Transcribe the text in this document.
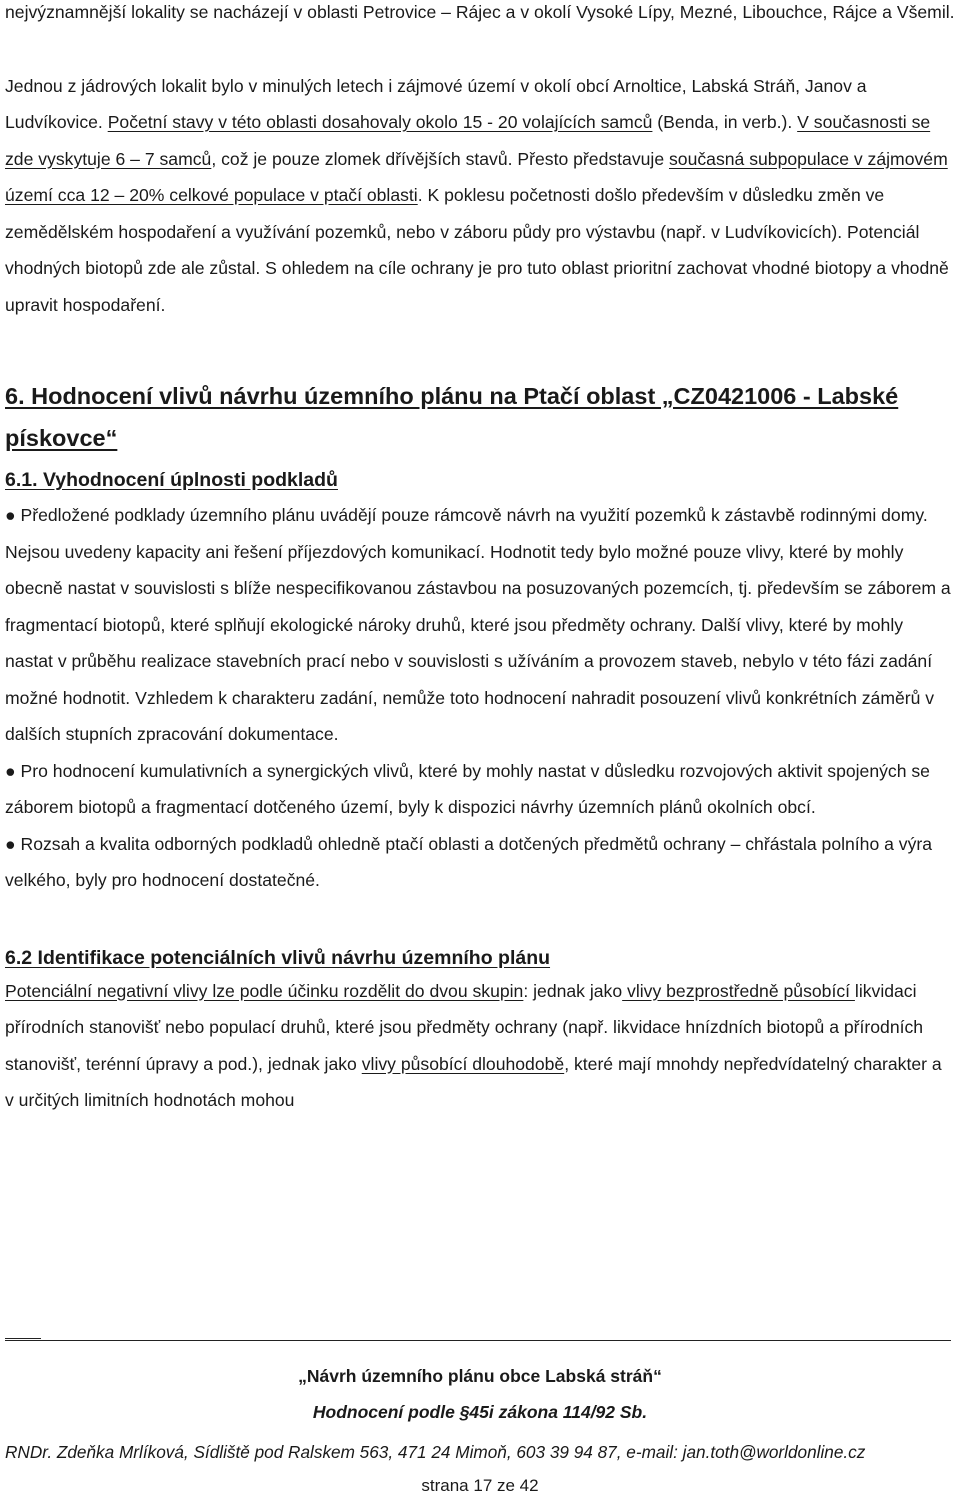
nejvýznamnější lokality se nacházejí v oblasti Petrovice – Rájec a v okolí Vysoké Lípy, Mezné, Libouchce, Rájce a Všemil.

Jednou z jádrových lokalit bylo v minulých letech i zájmové území v okolí obcí Arnoltice, Labská Stráň, Janov a Ludvíkovice. Početní stavy v této oblasti dosahovaly okolo 15 - 20 volajících samců (Benda, in verb.). V současnosti se zde vyskytuje 6 – 7 samců, což je pouze zlomek dřívějších stavů. Přesto představuje současná subpopulace v zájmovém území cca 12 – 20% celkové populace v ptačí oblasti. K poklesu početnosti došlo především v důsledku změn ve zemědělském hospodaření a využívání pozemků, nebo v záboru půdy pro výstavbu (např. v Ludvíkovicích). Potenciál vhodných biotopů zde ale zůstal. S ohledem na cíle ochrany je pro tuto oblast prioritní zachovat vhodné biotopy a vhodně upravit hospodaření.

6. Hodnocení vlivů návrhu územního plánu na Ptačí oblast „CZ0421006 - Labské pískovce“
6.1. Vyhodnocení úplnosti podkladů

● Předložené podklady územního plánu uvádějí pouze rámcově návrh na využití pozemků k zástavbě rodinnými domy. Nejsou uvedeny kapacity ani řešení příjezdových komunikací. Hodnotit tedy bylo možné pouze vlivy, které by mohly obecně nastat v souvislosti s blíže nespecifikovanou zástavbou na posuzovaných pozemcích, tj. především se záborem a fragmentací biotopů, které splňují ekologické nároky druhů, které jsou předměty ochrany. Další vlivy, které by mohly nastat v průběhu realizace stavebních prací nebo v souvislosti s užíváním a provozem staveb, nebylo v této fázi zadání možné hodnotit. Vzhledem k charakteru zadání, nemůže toto hodnocení nahradit posouzení vlivů konkrétních záměrů v dalších stupních zpracování dokumentace.

● Pro hodnocení kumulativních a synergických vlivů, které by mohly nastat v důsledku rozvojových aktivit spojených se záborem biotopů a fragmentací dotčeného území, byly k dispozici návrhy územních plánů okolních obcí.

● Rozsah a kvalita odborných podkladů ohledně ptačí oblasti a dotčených předmětů ochrany – chřástala polního a výra velkého, byly pro hodnocení dostatečné.

6.2 Identifikace potenciálních vlivů návrhu územního plánu

Potenciální negativní vlivy lze podle účinku rozdělit do dvou skupin: jednak jako vlivy bezprostředně působící likvidaci přírodních stanovišť nebo populací druhů, které jsou předměty ochrany (např. likvidace hnízdních biotopů a přírodních stanovišť, terénní úpravy a pod.), jednak jako vlivy působící dlouhodobě, které mají mnohdy nepředvídatelný charakter a v určitých limitních hodnotách mohou

„Návrh územního plánu obce Labská stráň“
Hodnocení podle §45i zákona 114/92 Sb.
RNDr. Zdeňka Mrlíková, Sídliště pod Ralskem 563, 471 24 Mimoň, 603 39 94 87, e-mail: jan.toth@worldonline.cz
strana 17 ze 42
